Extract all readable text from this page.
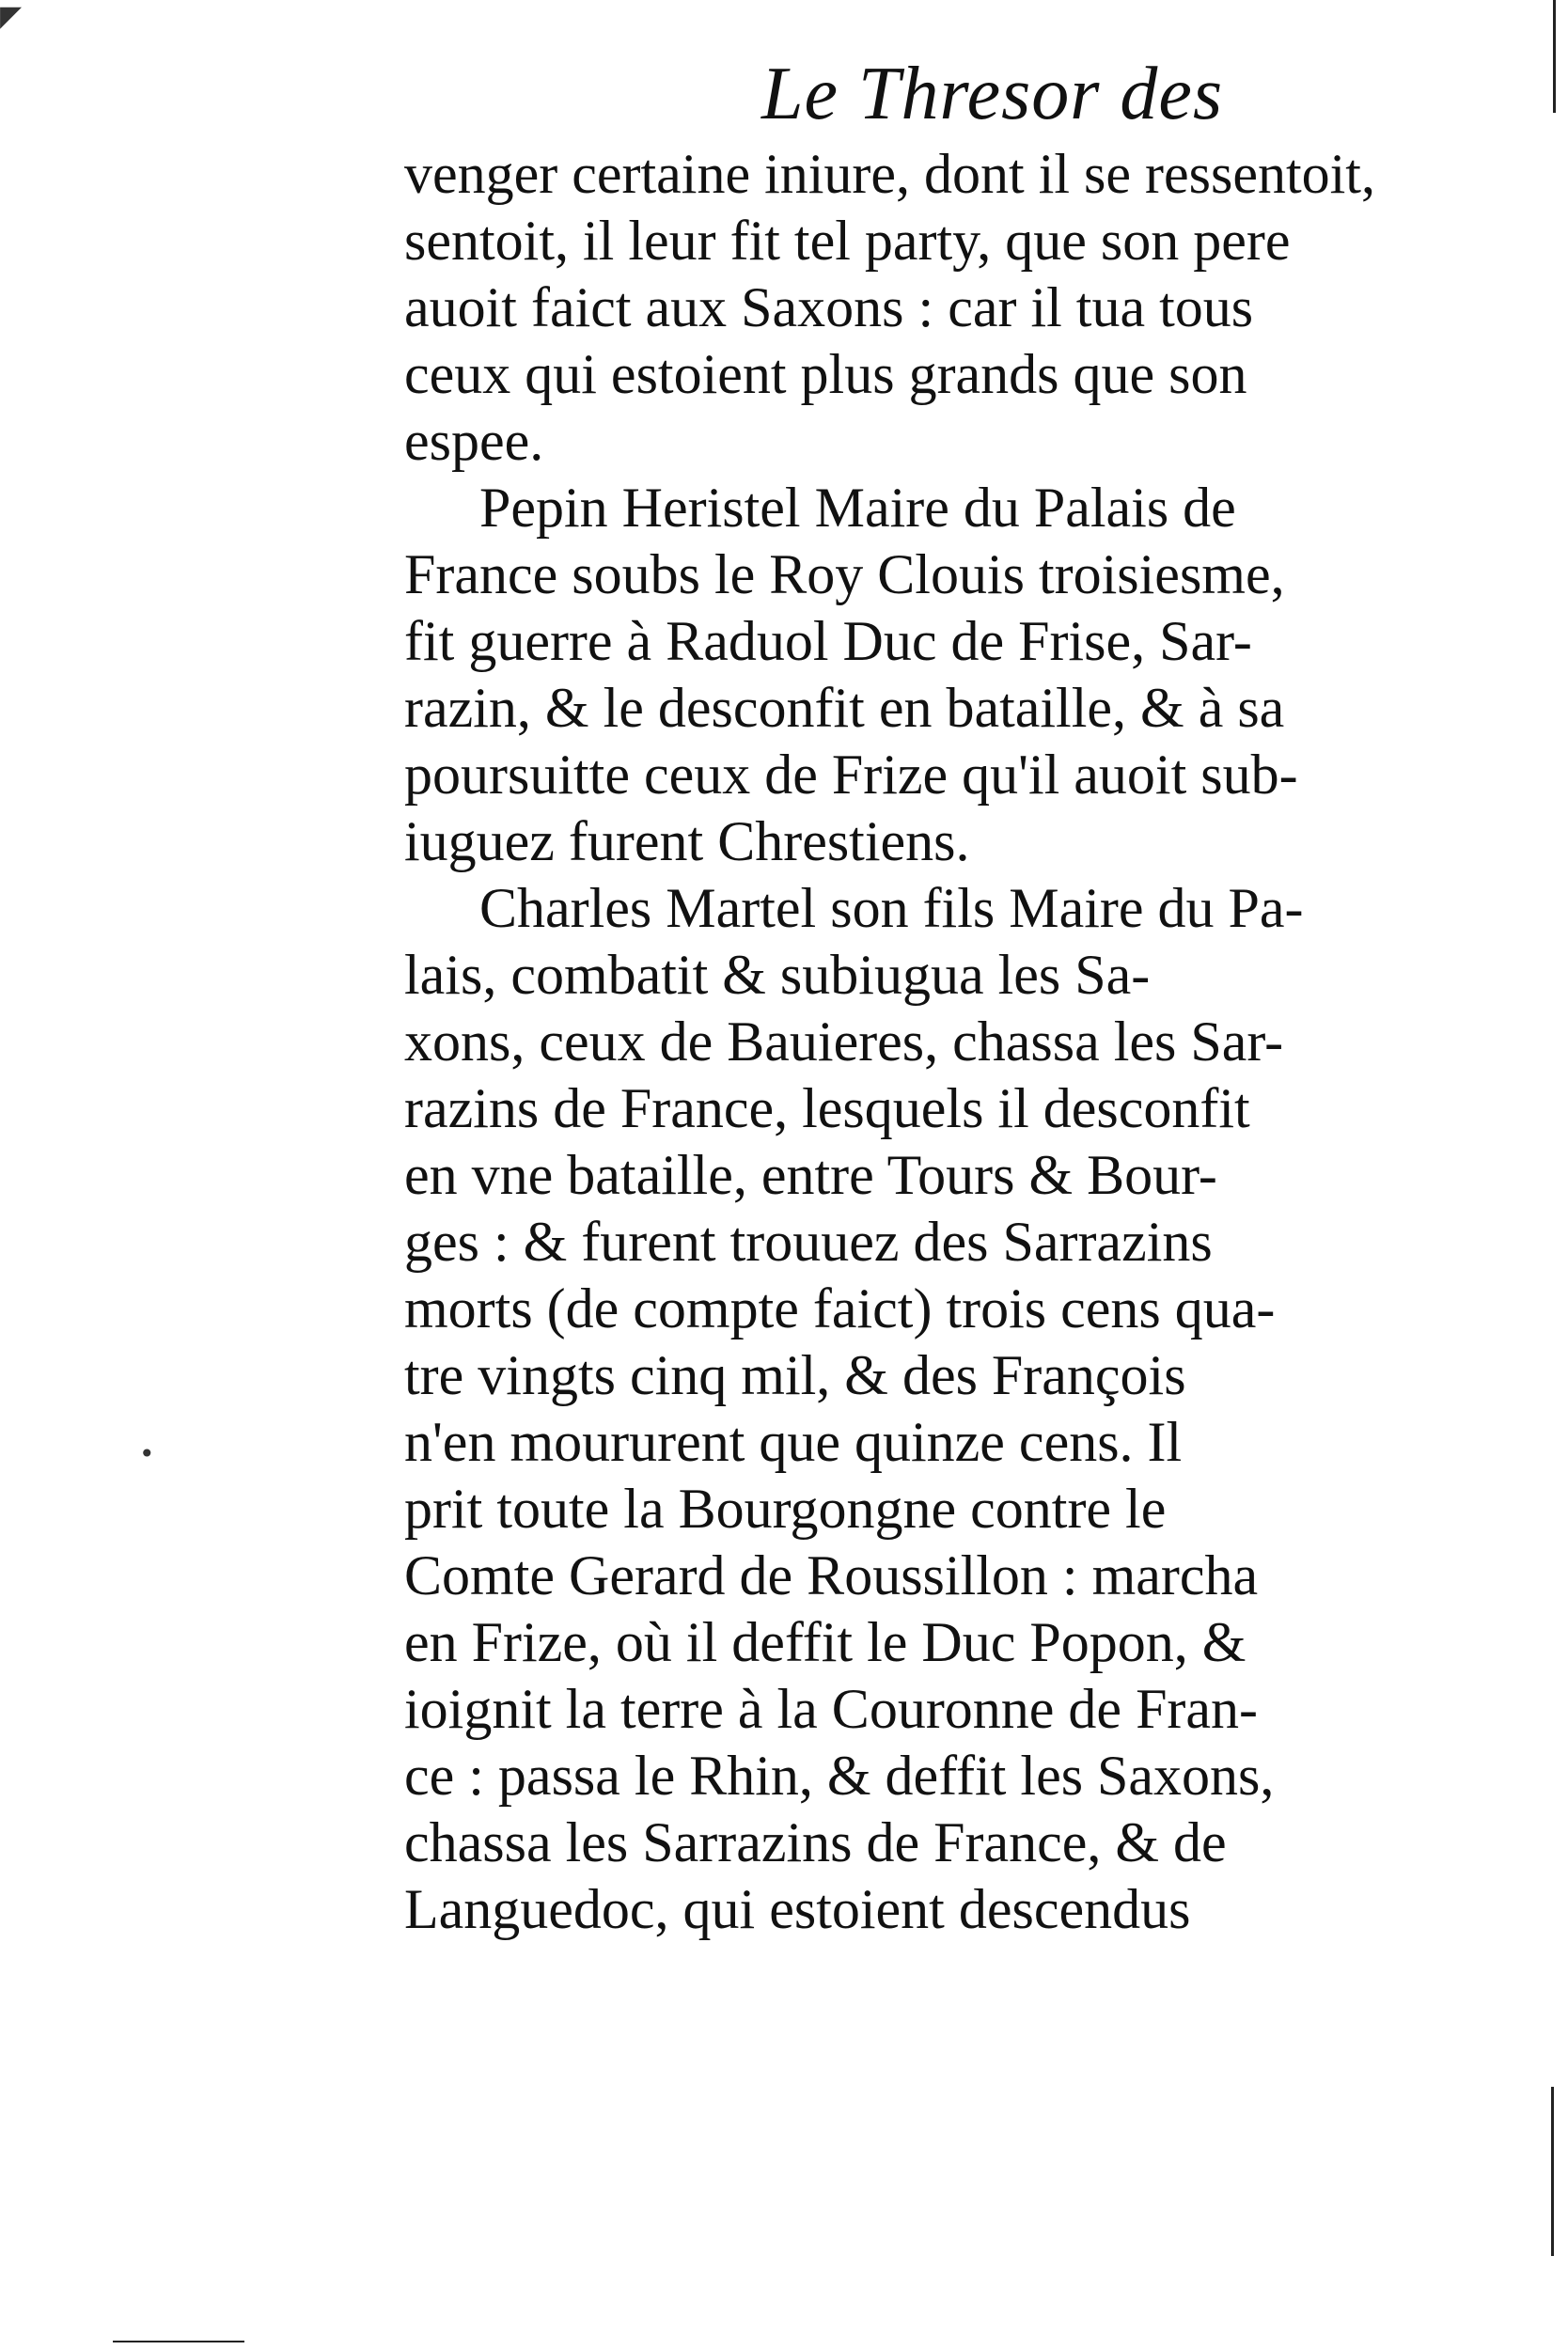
Le Thresor des
venger certaine iniure, dont il se ressentoit,
sentoit, il leur fit tel party, que son pere
auoit faict aux Saxons : car il tua tous
ceux qui estoient plus grands que son
espee.
Pepin Heristel Maire du Palais de
France soubs le Roy Clouis troisiesme,
fit guerre à Raduol Duc de Frise, Sar-
razin, & le desconfit en bataille, & à sa
poursuitte ceux de Frize qu'il auoit sub-
iuguez furent Chrestiens.
Charles Martel son fils Maire du Pa-
lais, combatit & subiugua les Sa-
xons, ceux de Bauieres, chassa les Sar-
razins de France, lesquels il desconfit
en vne bataille, entre Tours & Bour-
ges : & furent trouuez des Sarrazins
morts (de compte faict) trois cens qua-
tre vingts cinq mil, & des François
n'en moururent que quinze cens. Il
prit toute la Bourgongne contre le
Comte Gerard de Roussillon : marcha
en Frize, où il deffit le Duc Popon, &
ioignit la terre à la Couronne de Fran-
ce : passa le Rhin, & deffit les Saxons,
chassa les Sarrazins de France, & de
Languedoc, qui estoient descendus
•
◤
